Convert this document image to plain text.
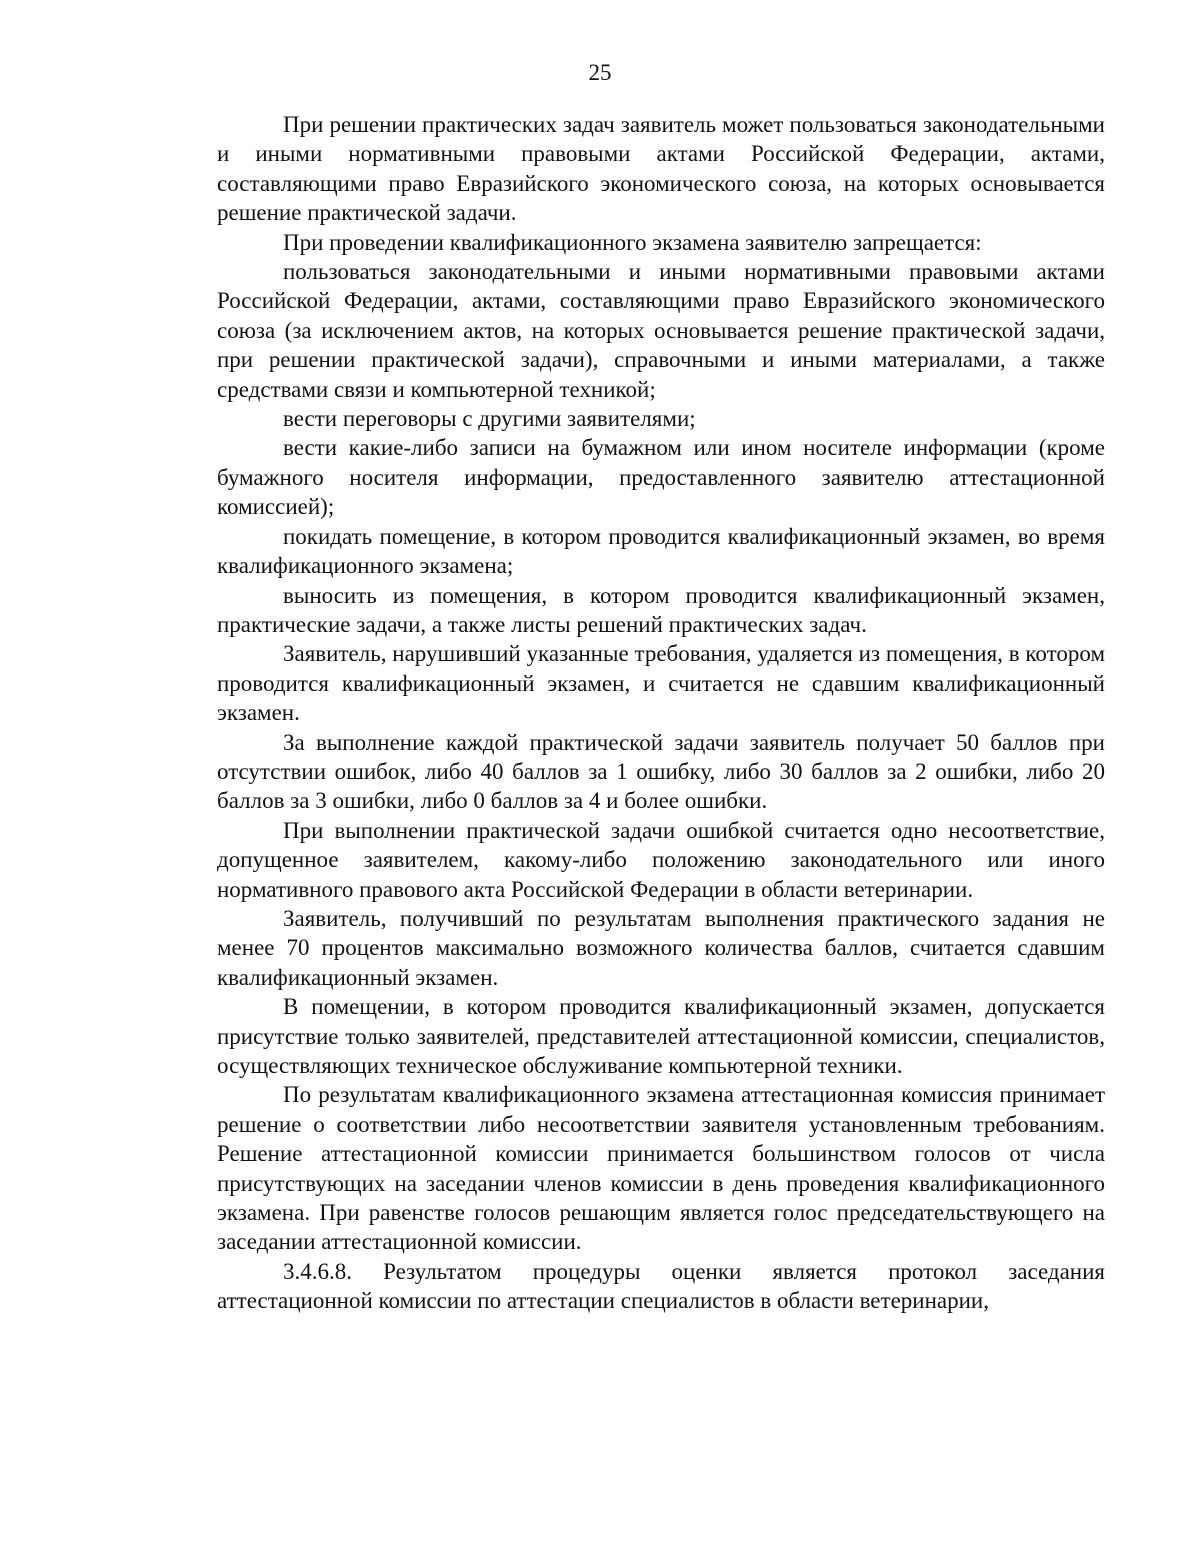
25

При решении практических задач заявитель может пользоваться законодательными и иными нормативными правовыми актами Российской Федерации, актами, составляющими право Евразийского экономического союза, на которых основывается решение практической задачи.

При проведении квалификационного экзамена заявителю запрещается:

пользоваться законодательными и иными нормативными правовыми актами Российской Федерации, актами, составляющими право Евразийского экономического союза (за исключением актов, на которых основывается решение практической задачи, при решении практической задачи), справочными и иными материалами, а также средствами связи и компьютерной техникой;

вести переговоры с другими заявителями;

вести какие-либо записи на бумажном или ином носителе информации (кроме бумажного носителя информации, предоставленного заявителю аттестационной комиссией);

покидать помещение, в котором проводится квалификационный экзамен, во время квалификационного экзамена;

выносить из помещения, в котором проводится квалификационный экзамен, практические задачи, а также листы решений практических задач.

Заявитель, нарушивший указанные требования, удаляется из помещения, в котором проводится квалификационный экзамен, и считается не сдавшим квалификационный экзамен.

За выполнение каждой практической задачи заявитель получает 50 баллов при отсутствии ошибок, либо 40 баллов за 1 ошибку, либо 30 баллов за 2 ошибки, либо 20 баллов за 3 ошибки, либо 0 баллов за 4 и более ошибки.

При выполнении практической задачи ошибкой считается одно несоответствие, допущенное заявителем, какому-либо положению законодательного или иного нормативного правового акта Российской Федерации в области ветеринарии.

Заявитель, получивший по результатам выполнения практического задания не менее 70 процентов максимально возможного количества баллов, считается сдавшим квалификационный экзамен.

В помещении, в котором проводится квалификационный экзамен, допускается присутствие только заявителей, представителей аттестационной комиссии, специалистов, осуществляющих техническое обслуживание компьютерной техники.

По результатам квалификационного экзамена аттестационная комиссия принимает решение о соответствии либо несоответствии заявителя установленным требованиям. Решение аттестационной комиссии принимается большинством голосов от числа присутствующих на заседании членов комиссии в день проведения квалификационного экзамена. При равенстве голосов решающим является голос председательствующего на заседании аттестационной комиссии.

3.4.6.8. Результатом процедуры оценки является протокол заседания аттестационной комиссии по аттестации специалистов в области ветеринарии,
